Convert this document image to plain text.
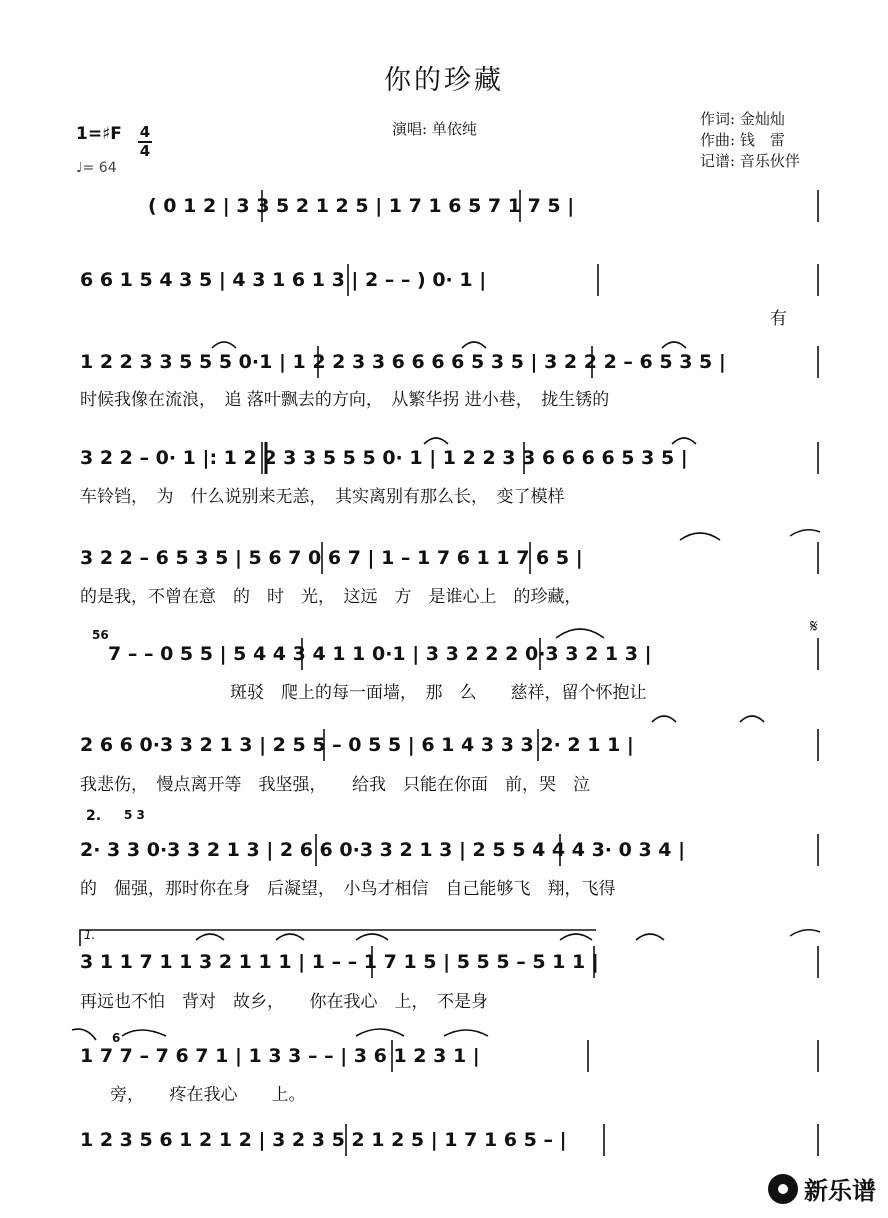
你的珍藏
演唱: 单依纯
作词: 金灿灿
作曲: 钱　雷
记谱: 音乐伙伴
1=♯F 4
4
♩= 64
( 0 1 2 | 3 3 5 2 1 2 5 | 1 7 1 6 5 7 1 7 5 |
6 6 1 5 4 3 5 | 4 3 1 6 1 3 | 2 – – ) 0· 1 |
有
1 2 2 3 3 5 5 5 0·1 | 1 2 2 3 3 6 6 6 6 5 3 5 | 3 2 2 2 – 6 5 3 5 |
时候我像在流浪，　追 落叶飘去的方向，　从繁华拐 进小巷，　拢生锈的
3 2 2 – 0· 1 |: 1 2 2 3 3 5 5 5 0· 1 | 1 2 2 3 3 6 6 6 6 5 3 5 |
车铃铛，　为　什么说别来无恙，　其实离别有那么长，　变了模样
3 2 2 – 6 5 3 5 | 5 6 7 0 6 7 | 1 – 1 7 6 1 1 7 6 5 |
的是我，不曾在意　的　时　光，　这远　方　是谁心上　的珍藏，
7 – – 0 5 5 | 5 4 4 3 4 1 1 0·1 | 3 3 2 2 2 0·3 3 2 1 3 |
斑驳　爬上的每一面墙，　那　么　　慈祥，留个怀抱让
2 6 6 0·3 3 2 1 3 | 2 5 5 – 0 5 5 | 6 1 4 3 3 3 2· 2 1 1 |
我悲伤，　慢点离开等　我坚强，　　给我　只能在你面　前，哭　泣
2· 3 3 0·3 3 2 1 3 | 2 6 6 0·3 3 2 1 3 | 2 5 5 4 4 4 3· 0 3 4 |
的　倔强，那时你在身　后凝望，　小鸟才相信　自己能够飞　翔，飞得
3 1 1 7 1 1 3 2 1 1 1 | 1 – – 1 7 1 5 | 5 5 5 – 5 1 1 |
再远也不怕　背对　故乡，　　你在我心　上，　不是身
1 7 7 – 7 6 7 1 | 1 3 3 – – | 3 6 1 2 3 1 |
旁，　　疼在我心　　上。
1 2 3 5 6 1 2 1 2 | 3 2 3 5 2 1 2 5 | 1 7 1 6 5 – |
1.
56
2. 5 3
6
𝄋
新乐谱
